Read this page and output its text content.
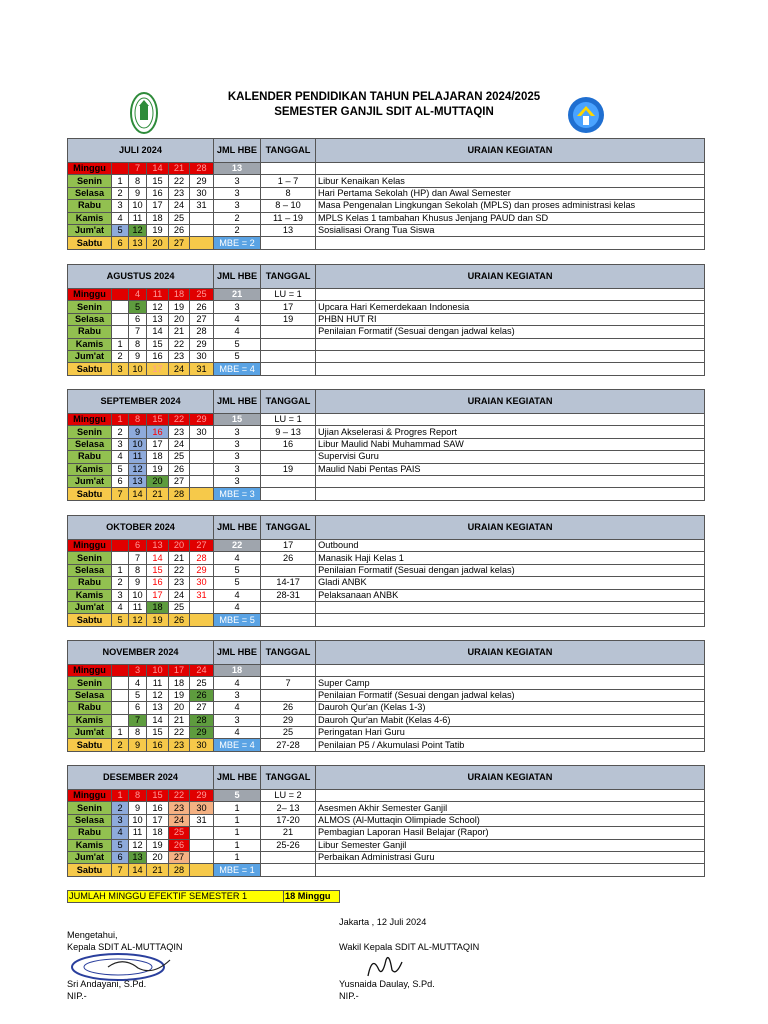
KALENDER PENDIDIKAN TAHUN PELAJARAN 2024/2025
SEMESTER GANJIL SDIT AL-MUTTAQIN
JULI 2024						JML HBE	TANGGAL	URAIAN KEGIATAN
Minggu		7	14	21	28	13		
Senin	1	8	15	22	29	3	1 – 7	Libur Kenaikan Kelas
Selasa	2	9	16	23	30	3	8	Hari Pertama Sekolah (HP) dan Awal Semester
Rabu	3	10	17	24	31	3	8 – 10	Masa Pengenalan Lingkungan Sekolah (MPLS) dan proses administrasi kelas
Kamis	4	11	18	25		2	11 – 19	MPLS Kelas 1 tambahan Khusus Jenjang PAUD dan SD
Jum'at	5	12	19	26		2	13	Sosialisasi Orang Tua Siswa
Sabtu	6	13	20	27		MBE = 2		
AGUSTUS 2024						JML HBE	TANGGAL	URAIAN KEGIATAN
Minggu		4	11	18	25	21	LU = 1	
Senin		5	12	19	26	3	17	Upcara Hari Kemerdekaan Indonesia
Selasa		6	13	20	27	4	19	PHBN HUT RI
Rabu		7	14	21	28	4		Penilaian Formatif (Sesuai dengan jadwal kelas)
Kamis	1	8	15	22	29	5		
Jum'at	2	9	16	23	30	5		
Sabtu	3	10	17	24	31	MBE = 4		
SEPTEMBER 2024						JML HBE	TANGGAL	URAIAN KEGIATAN
Minggu	1	8	15	22	29	15	LU = 1	
Senin	2	9	16	23	30	3	9 – 13	Ujian Akselerasi & Progres Report
Selasa	3	10	17	24		3	16	Libur Maulid Nabi Muhammad SAW
Rabu	4	11	18	25		3		Supervisi Guru
Kamis	5	12	19	26		3	19	Maulid Nabi Pentas PAIS
Jum'at	6	13	20	27		3		
Sabtu	7	14	21	28		MBE = 3		
OKTOBER 2024						JML HBE	TANGGAL	URAIAN KEGIATAN
Minggu		6	13	20	27	22	17	Outbound
Senin		7	14	21	28	4	26	Manasik Haji Kelas 1
Selasa	1	8	15	22	29	5		Penilaian Formatif (Sesuai dengan jadwal kelas)
Rabu	2	9	16	23	30	5	14-17	Gladi ANBK
Kamis	3	10	17	24	31	4	28-31	Pelaksanaan ANBK
Jum'at	4	11	18	25		4		
Sabtu	5	12	19	26		MBE = 5		
NOVEMBER 2024						JML HBE	TANGGAL	URAIAN KEGIATAN
Minggu		3	10	17	24	18		
Senin		4	11	18	25	4	7	Super Camp
Selasa		5	12	19	26	3		Penilaian Formatif (Sesuai dengan jadwal kelas)
Rabu		6	13	20	27	4	26	Dauroh Qur'an (Kelas 1-3)
Kamis		7	14	21	28	3	29	Dauroh Qur'an Mabit (Kelas 4-6)
Jum'at	1	8	15	22	29	4	25	Peringatan Hari Guru
Sabtu	2	9	16	23	30	MBE = 4	27-28	Penilaian P5 / Akumulasi Point Tatib
DESEMBER 2024						JML HBE	TANGGAL	URAIAN KEGIATAN
Minggu	1	8	15	22	29	5	LU = 2	
Senin	2	9	16	23	30	1	2– 13	Asesmen Akhir Semester Ganjil
Selasa	3	10	17	24	31	1	17-20	ALMOS (Al-Muttaqin Olimpiade School)
Rabu	4	11	18	25		1	21	Pembagian Laporan Hasil Belajar (Rapor)
Kamis	5	12	19	26		1	25-26	Libur Semester Ganjil
Jum'at	6	13	20	27		1		Perbaikan Administrasi Guru
Sabtu	7	14	21	28		MBE = 1		
JUMLAH MINGGU EFEKTIF SEMESTER 1	18 Minggu
Jakarta , 12 Juli 2024
Mengetahui,
Kepala SDIT AL-MUTTAQIN	Wakil Kepala SDIT AL-MUTTAQIN
Sri Andayani, S.Pd.
NIP.-
Yusnaida Daulay, S.Pd.
NIP.-
